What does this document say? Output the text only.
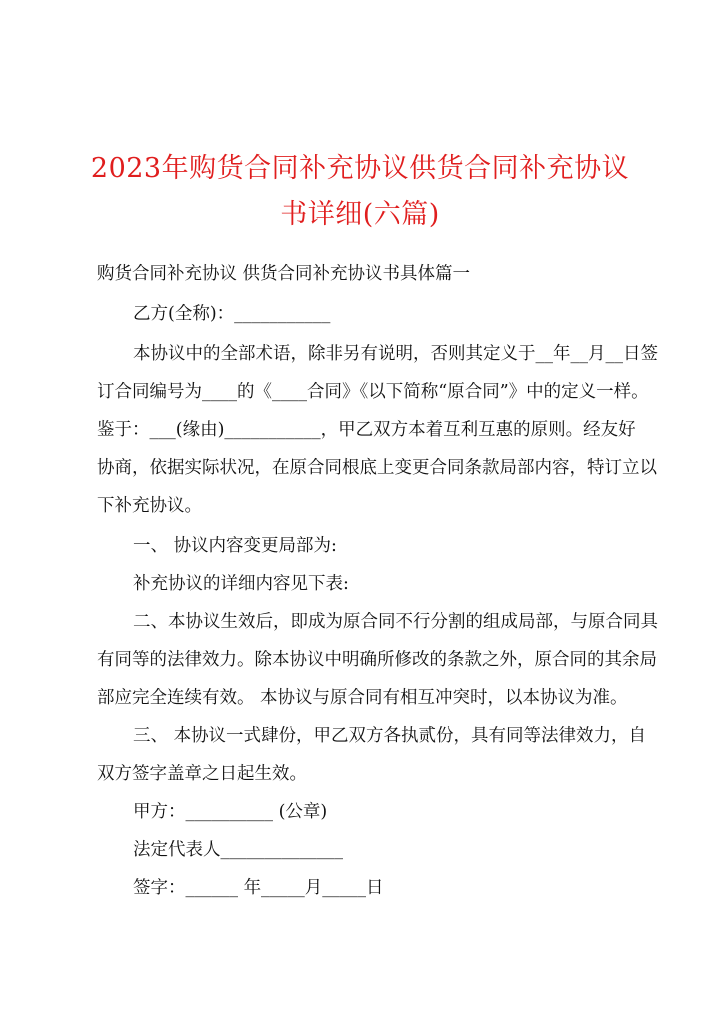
2023年购货合同补充协议供货合同补充协议
书详细(六篇)
购货合同补充协议 供货合同补充协议书具体篇一
乙方(全称)：___________
本协议中的全部术语，除非另有说明，否则其定义于__年__月__日签
订合同编号为____的《____合同》《以下简称“原合同”》中的定义一样。
鉴于：___(缘由)___________，甲乙双方本着互利互惠的原则。经友好
协商，依据实际状况，在原合同根底上变更合同条款局部内容，特订立以
下补充协议。
一、 协议内容变更局部为:
补充协议的详细内容见下表:
二、本协议生效后，即成为原合同不行分割的组成局部，与原合同具
有同等的法律效力。除本协议中明确所修改的条款之外，原合同的其余局
部应完全连续有效。 本协议与原合同有相互冲突时，以本协议为准。
三、 本协议一式肆份，甲乙双方各执贰份，具有同等法律效力，自
双方签字盖章之日起生效。
甲方：__________ (公章)
法定代表人______________
签字：______ 年_____月_____日
